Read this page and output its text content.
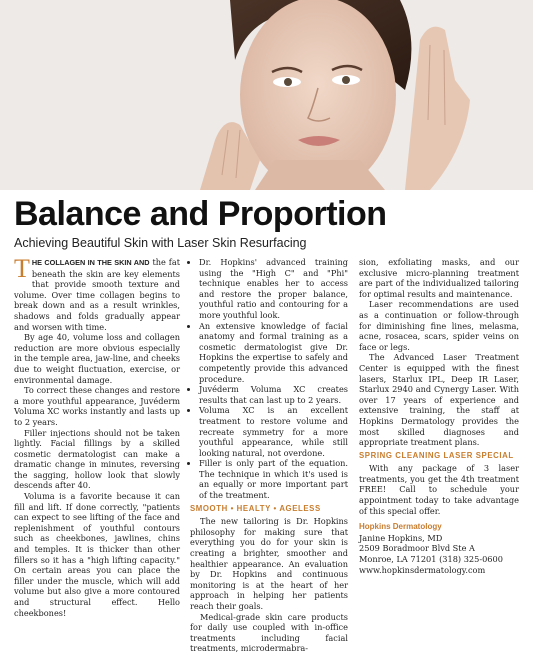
Balance and Proportion
Achieving Beautiful Skin with Laser Skin Resurfacing

T HE COLLAGEN IN THE SKIN AND the fat beneath the skin are key elements that provide smooth texture and volume. Over time collagen begins to break down and as a result wrinkles, shadows and folds gradually appear and worsen with time.

By age 40, volume loss and collagen reduction are more obvious especially in the temple area, jaw-line, and cheeks due to weight fluctuation, exercise, or environmental damage.

To correct these changes and restore a more youthful appearance, Juvéderm Voluma XC works instantly and lasts up to 2 years.

Filler injections should not be taken lightly. Facial fillings by a skilled cosmetic dermatologist can make a dramatic change in minutes, reversing the sagging, hollow look that slowly descends after 40.

Voluma is a favorite because it can fill and lift. If done correctly, "patients can expect to see lifting of the face and replenishment of youthful contours such as cheekbones, jawlines, chins and temples. It is thicker than other fillers so it has a "high lifting capacity." On certain areas you can place the filler under the muscle, which will add volume but also give a more contoured and structural effect. Hello cheekbones!

• Dr. Hopkins' advanced training using the "High C" and "Phi" technique enables her to access and restore the proper balance, youthful ratio and contouring for a more youthful look.
• An extensive knowledge of facial anatomy and formal training as a cosmetic dermatologist give Dr. Hopkins the expertise to safely and competently provide this advanced procedure.
• Juvéderm Voluma XC creates results that can last up to 2 years.
• Voluma XC is an excellent treatment to restore volume and recreate symmetry for a more youthful appearance, while still looking natural, not overdone.
• Filler is only part of the equation. The technique in which it's used is an equally or more important part of the treatment.
SMOOTH • HEALTY • AGELESS

The new tailoring is Dr. Hopkins philosophy for making sure that everything you do for your skin is creating a brighter, smoother and healthier appearance. An evaluation by Dr. Hopkins and continuous monitoring is at the heart of her approach in helping her patients reach their goals.

Medical-grade skin care products for daily use coupled with in-office treatments including facial treatments, microdermabra-

sion, exfoliating masks, and our exclusive micro-planning treatment are part of the individualized tailoring for optimal results and maintenance.

Laser recommendations are used as a continuation or follow-through for diminishing fine lines, melasma, acne, rosacea, scars, spider veins on face or legs.

The Advanced Laser Treatment Center is equipped with the finest lasers, Starlux IPL, Deep IR Laser, Starlux 2940 and Cynergy Laser. With over 17 years of experience and extensive training, the staff at Hopkins Dermatology provides the most skilled diagnoses and appropriate treatment plans.

SPRING CLEANING LASER SPECIAL

With any package of 3 laser treatments, you get the 4th treatment FREE! Call to schedule your appointment today to take advantage of this special offer.

Hopkins Dermatology
Janine Hopkins, MD
2509 Boradmoor Blvd Ste A
Monroe, LA 71201 (318) 325-0600
www.hopkinsdermatology.com
